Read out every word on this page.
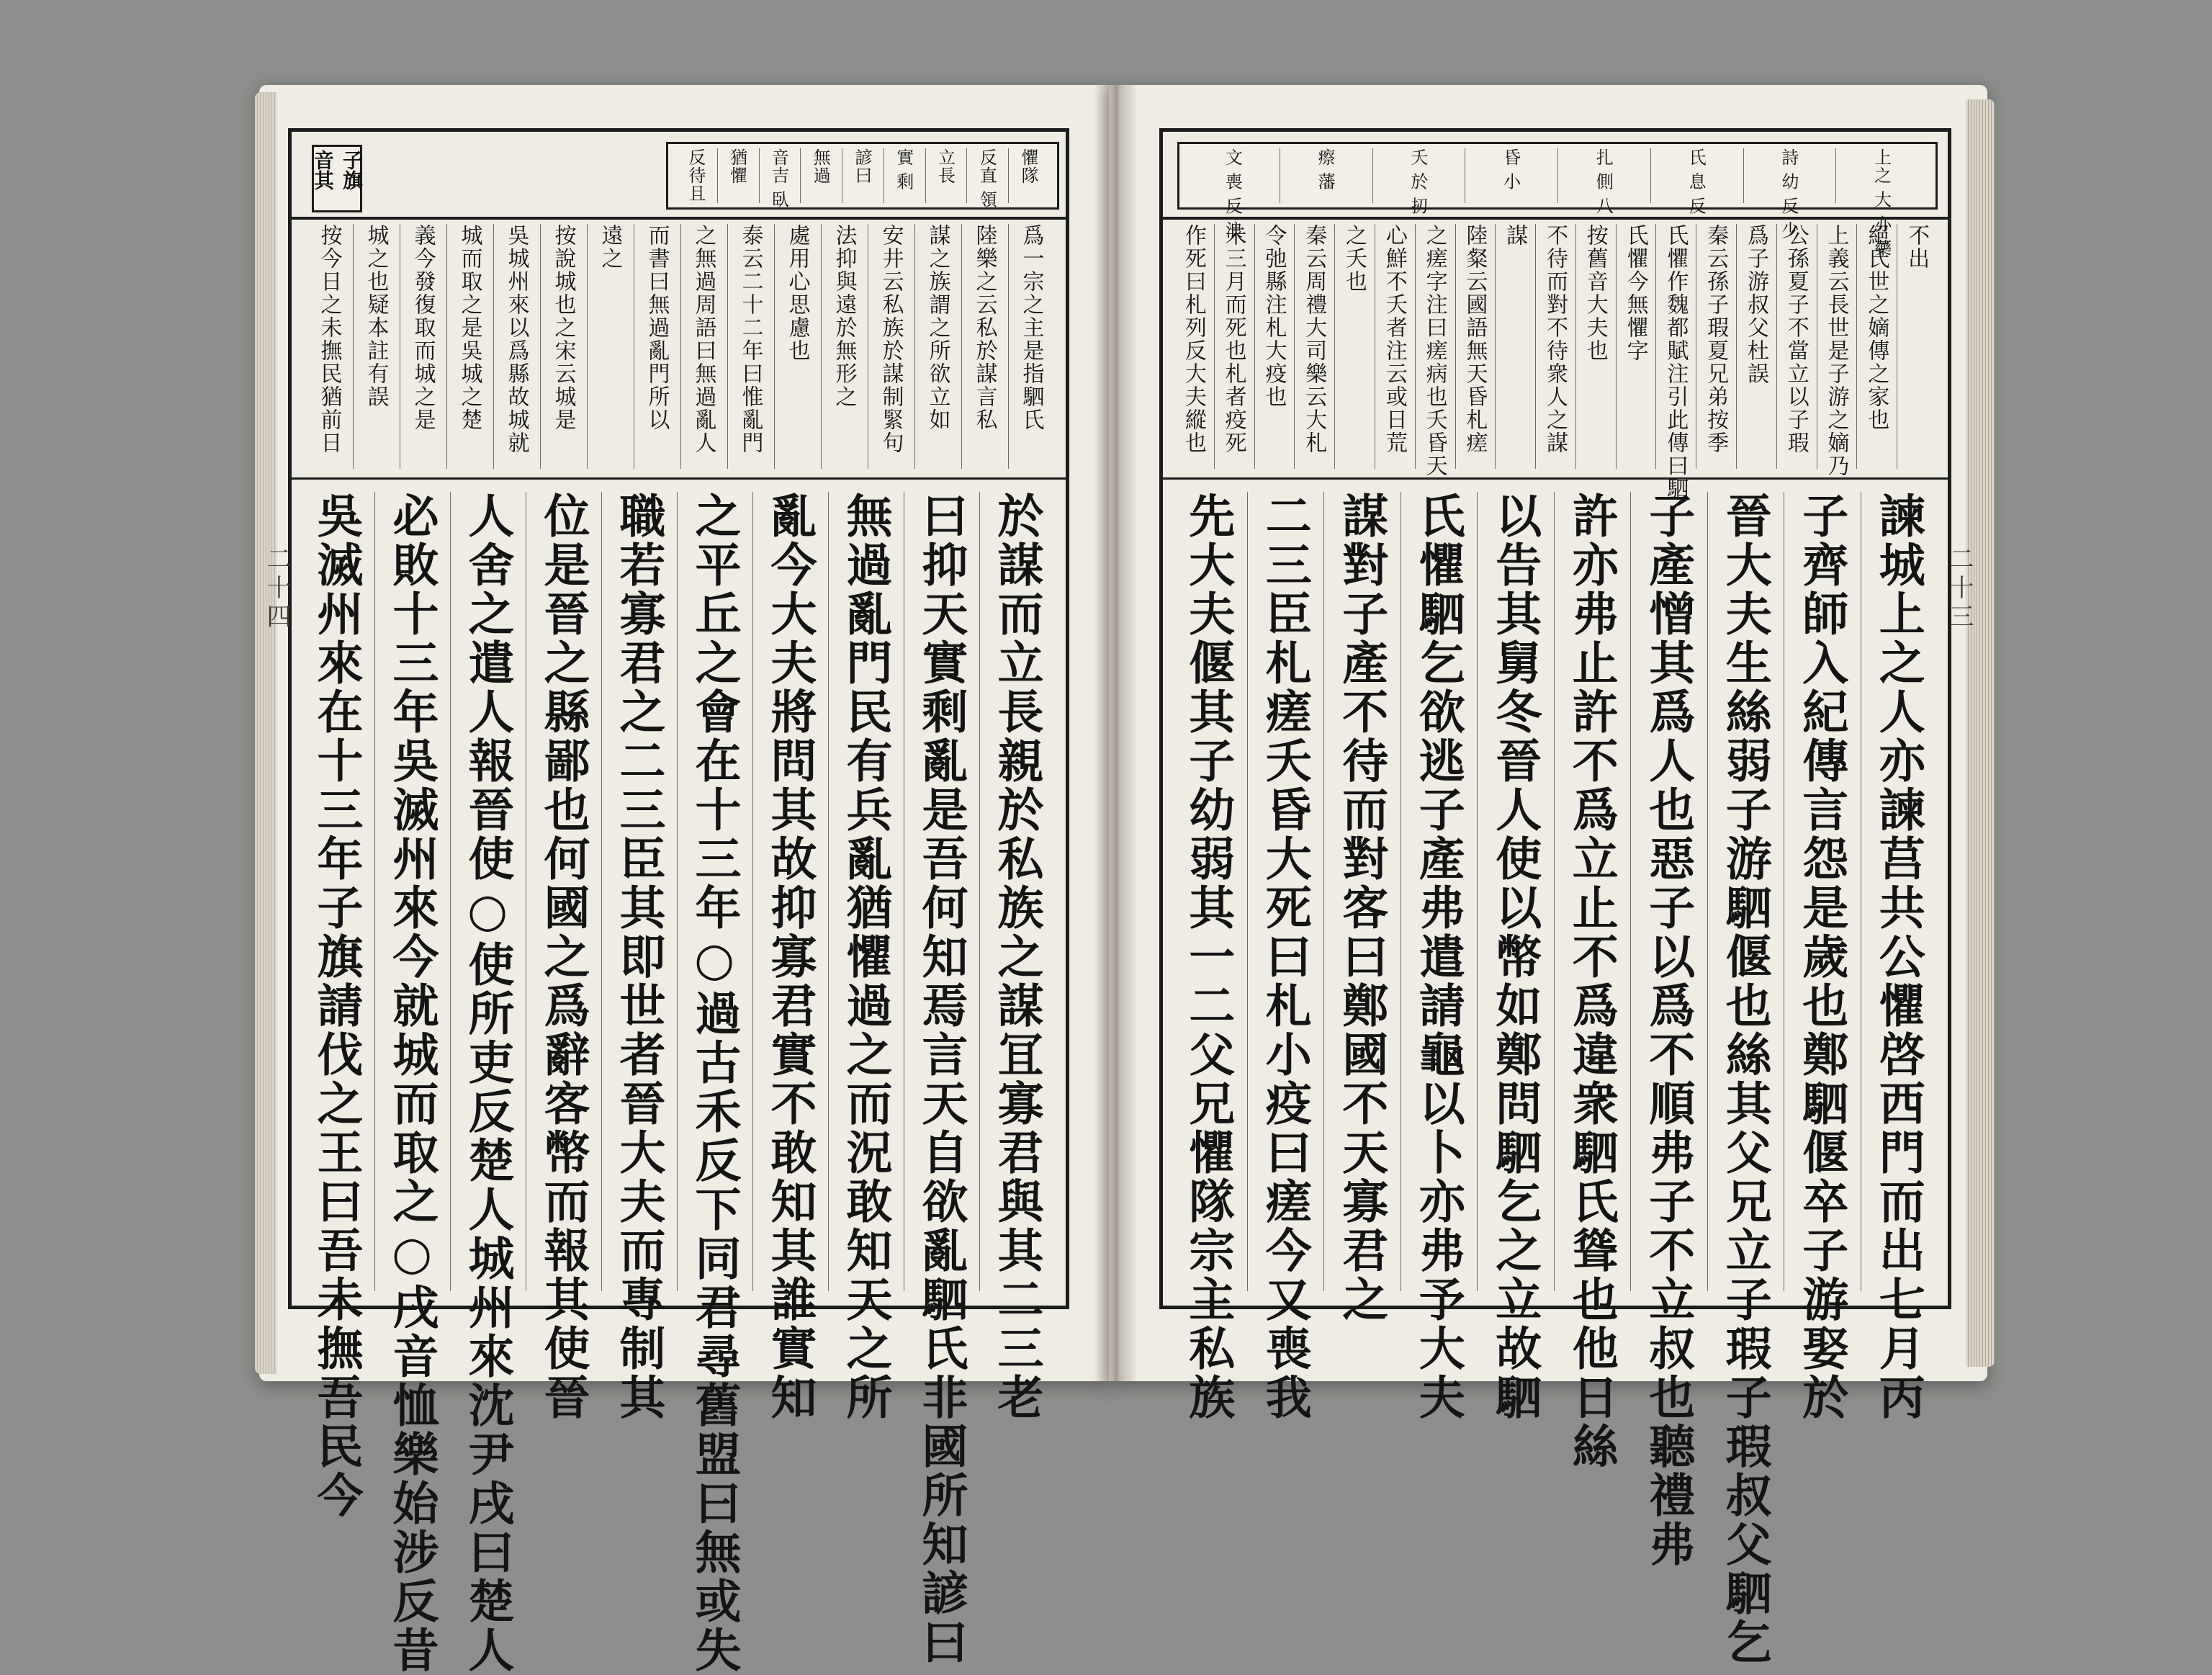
子旗 音其	懼隊
反直 領
立長
實 剩
諺曰
無過
音吉 臥
猶懼
反待且
爲一宗之主是指駟氏
陸樂之云私於謀言私
謀之族謂之所欲立如
安井云私族於謀制緊句
法抑與遠於無形之
處用心思慮也
泰云二十二年曰惟亂門
之無過周語曰無過亂人
而書曰無過亂門所以
遠之
按說城也之宋云城是
吳城州來以爲縣故城就
城而取之是吳城之楚
義今發復取而城之是
城之也疑本註有誤
按今日之未撫民猶前日
於謀而立長親於私族之謀冝寡君與其二三老
曰抑天實剩亂是吾何知焉言天自欲亂駟氏非國所知諺曰
無過亂門民有兵亂猶懼過之而況敢知天之所
亂今大夫將問其故抑寡君實不敢知其誰實知
之平丘之會在十三年○過古禾反下同君尋舊盟曰無或失
職若寡君之二三臣其即世者晉大夫而專制其
位是晉之縣鄙也何國之爲辭客幣而報其使晉
人舍之遣人報晉使○使所吏反楚人城州來沈尹戌曰楚人
必敗十三年吳滅州來今就城而取之○戌音恤樂始涉反昔
吳滅州來在十三年子旗請伐之王曰吾未撫吾民今
二十四
上之 大 亦 藥
詩 幼 反 少
氏 息 反
扎 側 八
昏 小
夭 於 扨
瘵 藩
文 喪 反 浪
不出
絕氏世之嫡傳之家也
上義云長世是子游之嫡乃
公孫夏子不當立以子瑕
爲子游叔父杜誤
秦云孫子瑕夏兄弟按季
氏懼作魏都賦注引此傳曰駟
氏懼今無懼字
按舊音大夫也
不待而對不待衆人之謀
謀
陸粲云國語無天昏札瘥
之瘥字注曰瘥病也夭昏天
心鮮不夭者注云或日荒
之夭也
秦云周禮大司樂云大札
令弛縣注札大疫也
未三月而死也札者疫死
作死曰札列反大夫縱也
諫城上之人亦諫莒共公懼啓西門而出七月丙
子齊師入紀傳言怨是歲也鄭駟偃卒子游娶於
晉大夫生絲弱子游駟偃也絲其父兄立子瑕子瑕叔父駟乞
子產憎其爲人也惡子以爲不順弗子不立叔也聽禮弗
許亦弗止許不爲立止不爲違衆駟氏聳也他日絲
以告其舅冬晉人使以幣如鄭問駟乞之立故駟
氏懼駟乞欲逃子產弗遣請龜以卜亦弗予大夫
謀對子產不待而對客曰鄭國不天寡君之
二三臣札瘥夭昏大死曰札小疫曰瘥今又喪我
先大夫偃其子幼弱其一二父兄懼隊宗主私族	二十三
